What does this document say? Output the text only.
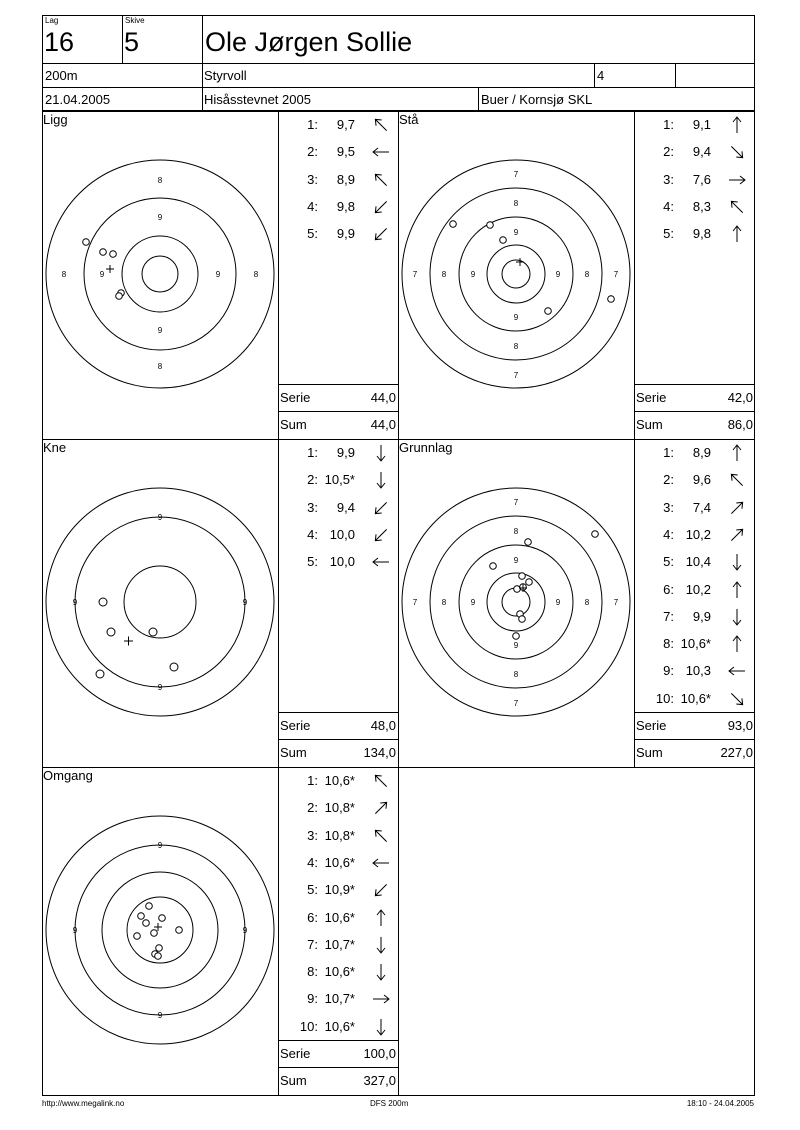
Lag
16
Skive
5 Ole Jørgen Sollie
200m	Styrvoll	4
21.04.2005	Hisåsstevnet 2005	Buer / Kornsjø SKL
Ligg
8
8
8	8
9
9
9	9
Stå
7
7
7	7
8
8
8	8
9
9
9	9
Kne
9
9
9	9
Grunnlag
7
7
7	7
8
8
8	8
9
9
9	9
Omgang
9
9
9	9
1:	9,7
2:	9,5
3:	8,9
4:	9,8
5:	9,9
1:	9,1
2:	9,4
3:	7,6
4:	8,3
5:	9,8
1:	9,9
2: 10,5*
3:	9,4
4: 10,0
5: 10,0
1:	8,9
2:	9,6
3:	7,4
4: 10,2
5: 10,4
6: 10,2
7:	9,9
8: 10,6*
9: 10,3
10: 10,6*
1: 10,6*
2: 10,8*
3: 10,8*
4: 10,6*
5: 10,9*
6: 10,6*
7: 10,7*
8: 10,6*
9: 10,7*
10: 10,6*
Serie	44,0
Sum	44,0
Serie	42,0
Sum	86,0
Serie	48,0
Sum	134,0
Serie	93,0
Sum	227,0
Serie	100,0
Sum	327,0
http://www.megalink.no	DFS 200m	18:10 - 24.04.2005
